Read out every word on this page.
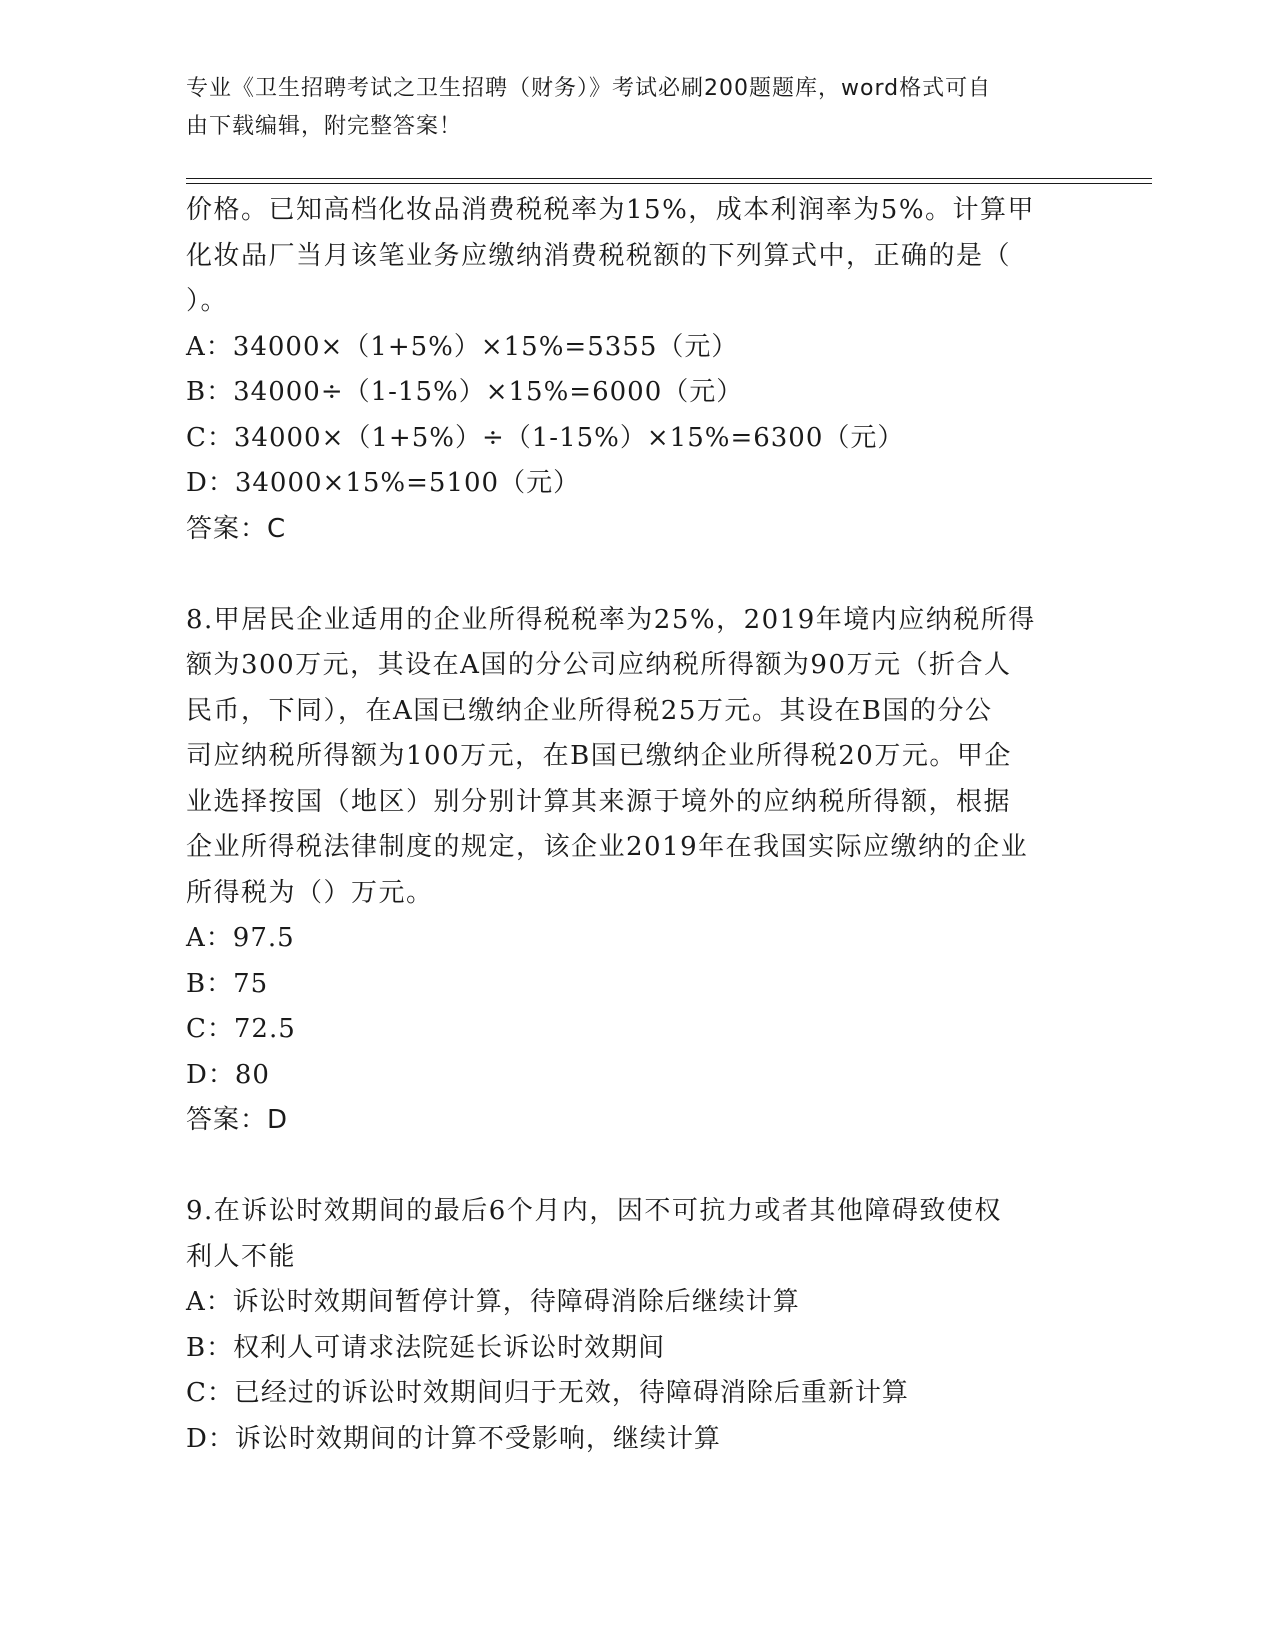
专业《卫生招聘考试之卫生招聘（财务）》考试必刷200题题库，word格式可自
由下载编辑，附完整答案！

价格。已知高档化妆品消费税税率为15%，成本利润率为5%。计算甲

化妆品厂当月该笔业务应缴纳消费税税额的下列算式中，正确的是（

）。

A：34000×（1+5%）×15%=5355（元）

B：34000÷（1-15%）×15%=6000（元）

C：34000×（1+5%）÷（1-15%）×15%=6300（元）

D：34000×15%=5100（元）

答案：C

8.甲居民企业适用的企业所得税税率为25%，2019年境内应纳税所得

额为300万元，其设在A国的分公司应纳税所得额为90万元（折合人

民币，下同），在A国已缴纳企业所得税25万元。其设在B国的分公

司应纳税所得额为100万元，在B国已缴纳企业所得税20万元。甲企

业选择按国（地区）别分别计算其来源于境外的应纳税所得额，根据

企业所得税法律制度的规定，该企业2019年在我国实际应缴纳的企业

所得税为（）万元。

A：97.5

B：75

C：72.5

D：80

答案：D

9.在诉讼时效期间的最后6个月内，因不可抗力或者其他障碍致使权

利人不能

A：诉讼时效期间暂停计算，待障碍消除后继续计算

B：权利人可请求法院延长诉讼时效期间

C：已经过的诉讼时效期间归于无效，待障碍消除后重新计算

D：诉讼时效期间的计算不受影响，继续计算
